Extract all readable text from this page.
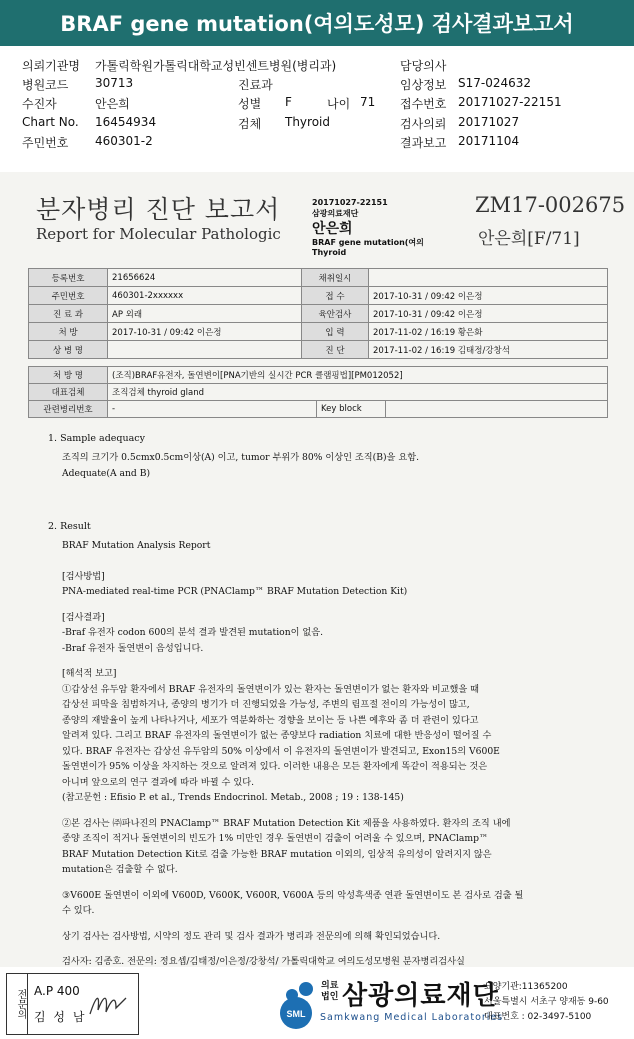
BRAF gene mutation(여의도성모) 검사결과보고서
의뢰기관명 가톨릭학원가톨릭대학교성빈센트병원(병리과)	담당의사
병원코드 30713	진료과	임상정보 S17-024632
수진자	안은희	성별 F	나이 71 접수번호 20171027-22151
Chart No. 16454934	검체 Thyroid	검사의뢰 20171027
주민번호 460301-2	결과보고 20171104
분자병리 진단 보고서
Report for Molecular Pathologic
20171027-22151
삼광의료재단
안은희
BRAF gene mutation(여의
Thyroid
ZM17-002675
안은희[F/71]
등록번호	21656624	채취일시	
주민번호	460301-2xxxxxx	접 수	2017-10-31 / 09:42 이은정
진 료 과	AP 외래	육안검사	2017-10-31 / 09:42 이은정
처 방	2017-10-31 / 09:42 이은정	입 력	2017-11-02 / 16:19 황은화
상 병 명		진 단	2017-11-02 / 16:19 김태정/강창석
처 방 명	(조직)BRAF유전자, 돌연변이[PNA기반의 실시간 PCR 클램핑법][PM012052]		
대표검체	조직검체 thyroid gland		
관련병리번호	-	Key block	
1. Sample adequacy
조직의 크기가 0.5cmx0.5cm이상(A) 이고, tumor 부위가 80% 이상인 조직(B)을 요함.
Adequate(A and B)
2. Result
BRAF Mutation Analysis Report
[검사방법]
PNA-mediated real-time PCR (PNAClamp™ BRAF Mutation Detection Kit)
[검사결과]
-Braf 유전자 codon 600의 분석 결과 발견된 mutation이 없음.
-Braf 유전자 돌연변이 음성입니다.
[해석적 보고]
①갑상선 유두암 환자에서 BRAF 유전자의 돌연변이가 있는 환자는 돌연변이가 없는 환자와 비교했을 때
갑상선 피막을 침범하거나, 종양의 병기가 더 진행되었을 가능성, 주변의 림프절 전이의 가능성이 많고,
종양의 재발율이 높게 나타나거나, 세포가 역분화하는 경향을 보이는 등 나쁜 예후와 좀 더 관련이 있다고
알려져 있다. 그리고 BRAF 유전자의 돌연변이가 없는 종양보다 radiation 치료에 대한 반응성이 떨어질 수
있다. BRAF 유전자는 갑상선 유두암의 50% 이상에서 이 유전자의 돌연변이가 발견되고, Exon15의 V600E
돌연변이가 95% 이상을 차지하는 것으로 알려져 있다. 이러한 내용은 모든 환자에게 똑같이 적용되는 것은
아니며 앞으로의 연구 결과에 따라 바뀔 수 있다.
(참고문헌 : Efisio P. et al., Trends Endocrinol. Metab., 2008 ; 19 : 138-145)
②본 검사는 ㈜파나진의 PNAClamp™ BRAF Mutation Detection Kit 제품을 사용하였다. 환자의 조직 내에
종양 조직이 적거나 돌연변이의 빈도가 1% 미만인 경우 돌연변이 검출이 어려울 수 있으며, PNAClamp™
BRAF Mutation Detection Kit로 검출 가능한 BRAF mutation 이외의, 임상적 유의성이 알려지지 않은
mutation은 검출할 수 없다.
③V600E 돌연변이 이외에 V600D, V600K, V600R, V600A 등의 악성흑색종 연관 돌연변이도 본 검사로 검출 될
수 있다.
상기 검사는 검사방법, 시약의 정도 관리 및 검사 결과가 병리과 전문의에 의해 확인되었습니다.
검사자: 김종호. 전문의: 정요셉/김태정/이은정/강창석/ 가톨릭대학교 여의도성모병원 분자병리검사실
전문의 A.P 400
김 성 남	SML
의료
법인 삼광의료재단
Samkwang Medical Laboratories
요양기관:11365200
서울특별시 서초구 양재동 9-60
대표번호 : 02-3497-5100
